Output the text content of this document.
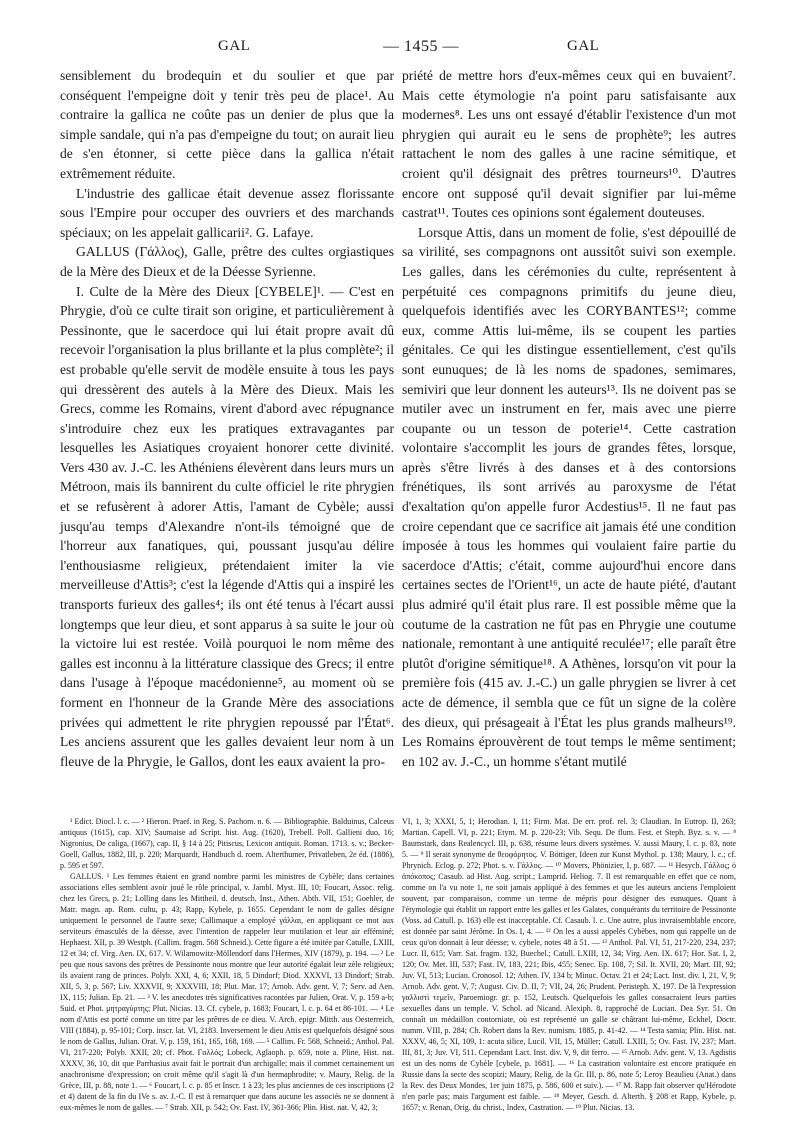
GAL	— 1455 —	GAL

sensiblement du brodequin et du soulier et que par conséquent l'empeigne doit y tenir très peu de place¹. Au contraire la gallica ne coûte pas un denier de plus que la simple sandale, qui n'a pas d'empeigne du tout; on aurait lieu de s'en étonner, si cette pièce dans la gallica n'était extrêmement réduite.

L'industrie des gallicae était devenue assez florissante sous l'Empire pour occuper des ouvriers et des marchands spéciaux; on les appelait gallicarii². G. Lafaye.

GALLUS (Γάλλος), Galle, prêtre des cultes orgiastiques de la Mère des Dieux et de la Déesse Syrienne.

I. Culte de la Mère des Dieux [CYBELE]¹. — C'est en Phrygie, d'où ce culte tirait son origine, et particulièrement à Pessinonte, que le sacerdoce qui lui était propre avait dû recevoir l'organisation la plus brillante et la plus complète²; il est probable qu'elle servit de modèle ensuite à tous les pays qui dressèrent des autels à la Mère des Dieux. Mais les Grecs, comme les Romains, virent d'abord avec répugnance s'introduire chez eux les pratiques extravagantes par lesquelles les Asiatiques croyaient honorer cette divinité. Vers 430 av. J.-C. les Athéniens élevèrent dans leurs murs un Métroon, mais ils bannirent du culte officiel le rite phrygien et se refusèrent à adorer Attis, l'amant de Cybèle; aussi jusqu'au temps d'Alexandre n'ont-ils témoigné que de l'horreur aux fanatiques, qui, poussant jusqu'au délire l'enthousiasme religieux, prétendaient imiter la vie merveilleuse d'Attis³; c'est la légende d'Attis qui a inspiré les transports furieux des galles⁴; ils ont été tenus à l'écart aussi longtemps que leur dieu, et sont apparus à sa suite le jour où la victoire lui est restée. Voilà pourquoi le nom même des galles est inconnu à la littérature classique des Grecs; il entre dans l'usage à l'époque macédonienne⁵, au moment où se forment en l'honneur de la Grande Mère des associations privées qui admettent le rite phrygien repoussé par l'État⁶. Les anciens assurent que les galles devaient leur nom à un fleuve de la Phrygie, le Gallos, dont les eaux avaient la pro-

priété de mettre hors d'eux-mêmes ceux qui en buvaient⁷. Mais cette étymologie n'a point paru satisfaisante aux modernes⁸. Les uns ont essayé d'établir l'existence d'un mot phrygien qui aurait eu le sens de prophète⁹; les autres rattachent le nom des galles à une racine sémitique, et croient qu'il désignait des prêtres tourneurs¹⁰. D'autres encore ont supposé qu'il devait signifier par lui-même castrat¹¹. Toutes ces opinions sont également douteuses.

Lorsque Attis, dans un moment de folie, s'est dépouillé de sa virilité, ses compagnons ont aussitôt suivi son exemple. Les galles, dans les cérémonies du culte, représentent à perpétuité ces compagnons primitifs du jeune dieu, quelquefois identifiés avec les CORYBANTES¹²; comme eux, comme Attis lui-même, ils se coupent les parties génitales. Ce qui les distingue essentiellement, c'est qu'ils sont eunuques; de là les noms de spadones, semimares, semiviri que leur donnent les auteurs¹³. Ils ne doivent pas se mutiler avec un instrument en fer, mais avec une pierre coupante ou un tesson de poterie¹⁴. Cette castration volontaire s'accomplit les jours de grandes fêtes, lorsque, après s'être livrés à des danses et à des contorsions frénétiques, ils sont arrivés au paroxysme de l'état d'exaltation qu'on appelle furor Acdestius¹⁵. Il ne faut pas croire cependant que ce sacrifice ait jamais été une condition imposée à tous les hommes qui voulaient faire partie du sacerdoce d'Attis; c'était, comme aujourd'hui encore dans certaines sectes de l'Orient¹⁶, un acte de haute piété, d'autant plus admiré qu'il était plus rare. Il est possible même que la coutume de la castration ne fût pas en Phrygie une coutume nationale, remontant à une antiquité reculée¹⁷; elle paraît être plutôt d'origine sémitique¹⁸. A Athènes, lorsqu'on vit pour la première fois (415 av. J.-C.) un galle phrygien se livrer à cet acte de démence, il sembla que ce fût un signe de la colère des dieux, qui présageait à l'État les plus grands malheurs¹⁹. Les Romains éprouvèrent de tout temps le même sentiment; en 102 av. J.-C., un homme s'étant mutilé

¹ Edict. Diocl. l. c. — ² Hieron. Praef. in Reg. S. Pachom. n. 6. — Bibliographie. Balduinus, Calceus antiquus (1615), cap. XIV; Saumaise ad Script. hist. Aug. (1620), Trebell. Poll. Gallieni duo, 16; Nigronius, De caliga, (1667), cap. II, § 14 à 25; Pitiscus, Lexicon antiquit. Roman. 1713. s. v.; Becker-Goell, Gallus, 1882, III, p. 220; Marquardt, Handbuch d. roem. Alterthumer, Privatleben, 2e éd. (1886), p. 595 et 597.

GALLUS. ¹ Les femmes étaient en grand nombre parmi les ministres de Cybèle; dans certaines associations elles semblent avoir joué le rôle principal, v. Jambl. Myst. III, 10; Foucart, Assoc. relig. chez les Grecs, p. 21; Lolling dans les Mittheil. d. deutsch. Inst., Athen. Abth. VII, 151; Goehler, de Matr. magn. ap. Rom. cultu, p. 43; Rapp, Kybele, p. 1655. Cependant le nom de galles désigne uniquement le personnel de l'autre sexe; Callimaque a employé γάλλαι, en appliquant ce mot aux serviteurs émasculés de la déesse, avec l'intention de rappeler leur mutilation et leur air efféminé; Hephaest. XII, p. 39 Westph. (Callim. fragm. 568 Schneid.). Cette figure a été imitée par Catulle, LXIII, 12 et 34; cf. Virg. Aen. IX, 617. V. Wilamowitz-Möllendorf dans l'Hermes, XIV (1879), p. 194. — ² Le peu que nous savons des prêtres de Pessinonte nous montre que leur autorité égalait leur zèle religieux; ils avaient rang de princes. Polyb. XXI, 4, 6; XXII, 18, 5 Dindorf; Diod. XXXVI, 13 Dindorf; Strab. XII, 5, 3, p. 567; Liv. XXXVII, 9; XXXVIII, 18; Plut. Mar. 17; Arnob. Adv. gent. V, 7; Serv. ad Aen. IX, 115; Julian. Ep. 21. — ³ V. les anecdotes très significatives racontées par Julien, Orat. V, p. 159 a-b; Suid. et Phot. μητραγύρτης; Plut. Nicias. 13. Cf. cybele, p. 1683; Foucart, l. c. p. 64 et 86-101. — ⁴ Le nom d'Attis est porté comme un titre par les prêtres de ce dieu. V. Arch. epigr. Mitth. aus Oesterreich, VIII (1884), p. 95-101; Corp. inscr. lat. VI, 2183. Inversement le dieu Attis est quelquefois désigné sous le nom de Gallus, Julian. Orat. V, p. 159, 161, 165, 168, 169. — ⁵ Callim. Fr. 568, Schneid.; Anthol. Pal. VI, 217-220; Polyb. XXII, 20; cf. Phot. Γαλλός; Lobeck, Aglaoph. p. 659, note a. Pline, Hist. nat. XXXV, 36, 10, dit que Parrhasius avait fait le portrait d'un archigalle; mais il commet certainement un anachronisme d'expression; on croit même qu'il s'agit là d'un hermaphrodite; v. Maury, Relig. de la Grèce, III, p. 88, note 1. — ⁶ Foucart, l. c. p. 85 et Inscr. 1 à 23; les plus anciennes de ces inscriptions (2 et 4) datent de la fin du IVe s. av. J.-C. Il est à remarquer que dans aucune les associés ne se donnent à eux-mêmes le nom de galles. — ⁷ Strab. XII, p. 542; Ov. Fast. IV, 361-366; Plin. Hist. nat. V, 42, 3;

VI, 1, 3; XXXI, 5, 1; Herodian. I, 11; Firm. Mat. De err. prof. rel. 3; Claudian. In Eutrop. II, 263; Martian. Capell. VI, p. 221; Etym. M. p. 220-23; Vib. Sequ. De flum. Fest. et Steph. Byz. s. v. — ⁸ Baumstark, dans Realencycl. III, p. 638, résume leurs divers systèmes. V. aussi Maury, l. c. p. 83, note 5. — ⁹ Il serait synonyme de θεοφόρητος. V. Böttiger, Ideen zur Kunst Mythol. p. 138; Maury, l. c.; cf. Phrynich. Eclog. p. 272; Phot. s. v. Γάλλος. — ¹⁰ Movers, Phönizier, I, p. 687. — ¹¹ Hesych. Γάλλος; ὁ ἀπόκοπος; Casaub. ad Hist. Aug. script.; Lamprid. Heliog. 7. Il est remarquable en effet que ce nom, comme on l'a vu note 1, ne soit jamais appliqué à des femmes et que les auteurs anciens l'emploient souvent, par comparaison, comme un terme de mépris pour désigner des eunuques. Quant à l'étymologie qui établit un rapport entre les galles et les Galates, conquérants du territoire de Pessinonte (Voss. ad Catull. p. 163) elle est inacceptable. Cf. Casaub. l. c. Une autre, plus invraisemblable encore, est donnée par saint Jérôme. In Os. I, 4. — ¹² On les a aussi appelés Cybèbes, nom qui rappelle un de ceux qu'on donnait à leur déesse; v. cybele, notes 48 à 51. — ¹³ Anthol. Pal. VI, 51, 217-220, 234, 237; Lucr. II, 615; Varr. Sat. fragm. 132, Buechel.; Catull. LXIII, 12, 34; Virg. Aen. IX. 617; Hor. Sat. I, 2, 120; Ov. Met. III, 537; Fast. IV, 183, 221; Ibis, 455; Senec. Ep. 108, 7; Sil. It. XVII, 20; Mart. III, 92; Juv. VI, 513; Lucian. Cronosol. 12; Athen. IV, 134 b; Minuc. Octav. 21 et 24; Lact. Inst. div. I, 21, V, 9; Arnob. Adv. gent. V, 7; August. Civ. D. II, 7; VII, 24, 26; Prudent. Peristeph. X, 197. De là l'expression γαλλιστὶ τεμεῖν, Paroemiogr. gr. p. 152, Leutsch. Quelquefois les galles consacraient leurs parties sexuelles dans un temple. V. Schol. ad Nicand. Alexiph. 8, rapproché de Lucian. Dea Syr. 51. On connaît un médaillon contorniate, où est représenté un galle se châtrant lui-même, Eckhel, Doctr. numm. VIII, p. 284; Ch. Robert dans la Rev. numism. 1885, p. 41-42. — ¹⁴ Testa samia; Plin. Hist. nat. XXXV, 46, 5; XI, 109, 1: acuta silice, Lucil. VII, 15, Müller; Catull. LXIII, 5; Ov. Fast. IV, 237; Mart. III, 81, 3; Juv. VI, 511. Cependant Lact. Inst. div. V, 9, dit ferro. — ¹⁵ Arnob. Adv. gent. V, 13. Agdistis est un des noms de Cybèle [cybele, p. 1681]. — ¹⁶ La castration volontaire est encore pratiquée en Russie dans la secte des scopizi; Maury, Relig. de la Gr. III, p. 86, note 5; Leroy Beaulieu (Anat.) dans la Rev. des Deux Mondes, 1er juin 1875, p. 586, 600 et suiv.). — ¹⁷ M. Rapp fait observer qu'Hérodote n'en parle pas; mais l'argument est faible. — ¹⁸ Meyer, Gesch. d. Alterth. § 208 et Rapp, Kybele, p. 1657; v. Renan, Orig. du christ., Index, Castration. — ¹⁹ Plut. Nicias. 13.
